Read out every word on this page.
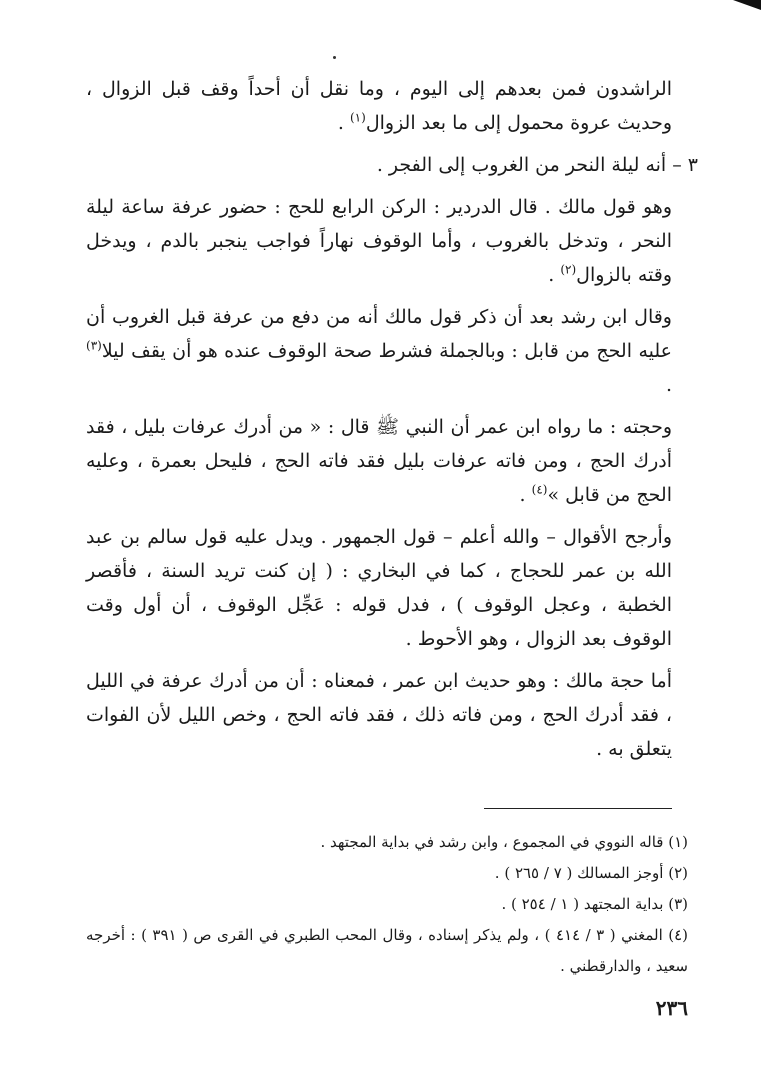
الراشدون فمن بعدهم إلى اليوم ، وما نقل أن أحداً وقف قبل الزوال ، وحديث عروة محمول إلى ما بعد الزوال$^{(١)}$ .

٣ – أنه ليلة النحر من الغروب إلى الفجر .

وهو قول مالك . قال الدردير : الركن الرابع للحج : حضور عرفة ساعة ليلة النحر ، وتدخل بالغروب ، وأما الوقوف نهاراً فواجب ينجبر بالدم ، ويدخل وقته بالزوال$^{(٢)}$ .

وقال ابن رشد بعد أن ذكر قول مالك أنه من دفع من عرفة قبل الغروب أن عليه الحج من قابل : وبالجملة فشرط صحة الوقوف عنده هو أن يقف ليلا$^{(٣)}$ .

وحجته : ما رواه ابن عمر أن النبي ﷺ قال : « من أدرك عرفات بليل ، فقد أدرك الحج ، ومن فاته عرفات بليل فقد فاته الحج ، فليحل بعمرة ، وعليه الحج من قابل »$^{(٤)}$ .

وأرجح الأقوال – والله أعلم – قول الجمهور . ويدل عليه قول سالم بن عبد الله بن عمر للحجاج ، كما في البخاري : ( إن كنت تريد السنة ، فأقصر الخطبة ، وعجل الوقوف ) ، فدل قوله : عَجِّل الوقوف ، أن أول وقت الوقوف بعد الزوال ، وهو الأحوط .

أما حجة مالك : وهو حديث ابن عمر ، فمعناه : أن من أدرك عرفة في الليل ، فقد أدرك الحج ، ومن فاته ذلك ، فقد فاته الحج ، وخص الليل لأن الفوات يتعلق به .

(١) قاله النووي في المجموع ، وابن رشد في بداية المجتهد .
(٢) أوجز المسالك ( ٧ / ٢٦٥ ) .
(٣) بداية المجتهد ( ١ / ٢٥٤ ) .
(٤) المغني ( ٣ / ٤١٤ ) ، ولم يذكر إسناده ، وقال المحب الطبري في القرى ص ( ٣٩١ ) : أخرجه سعيد ، والدارقطني .
٢٣٦
